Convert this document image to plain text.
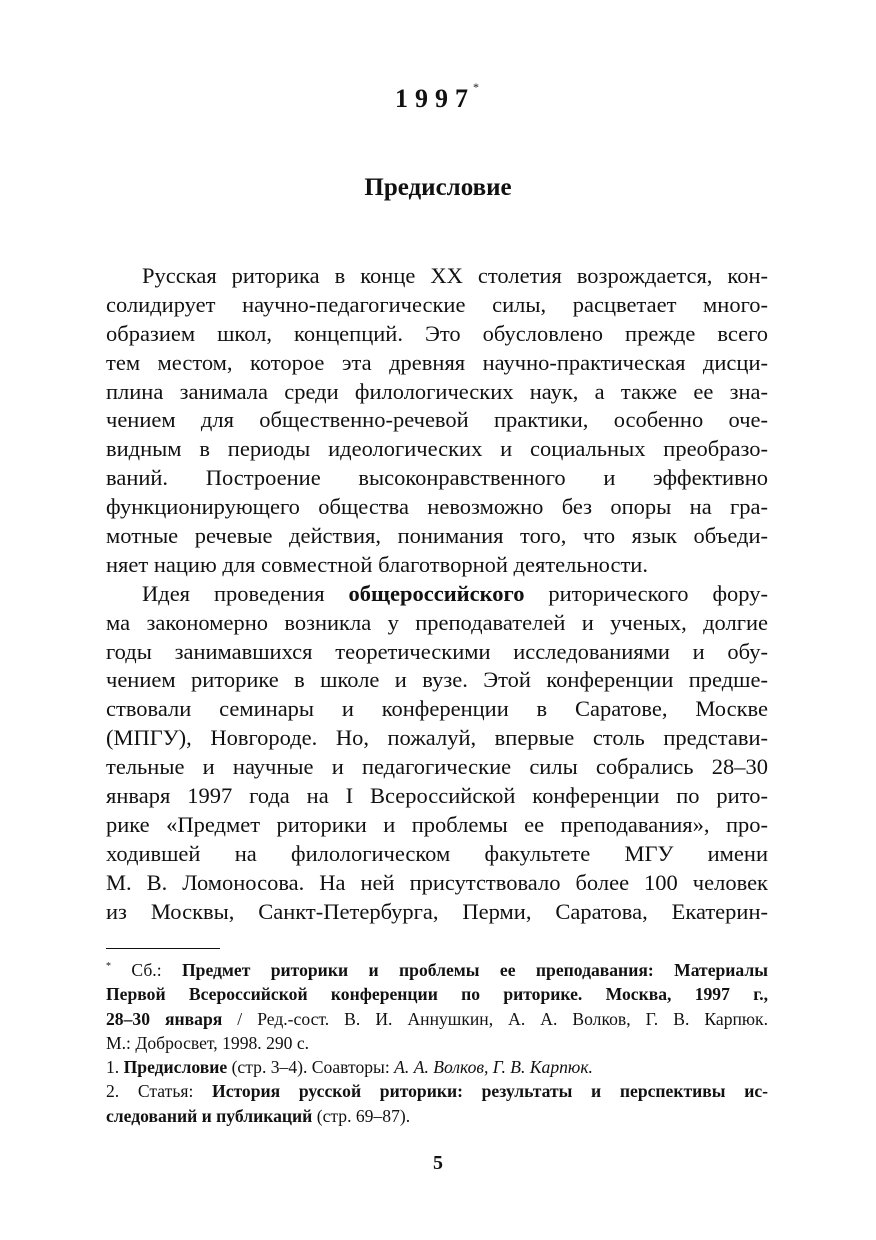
1997*
Предисловие
Русская риторика в конце XX столетия возрождается, кон-
солидирует научно-педагогические силы, расцветает много-
образием школ, концепций. Это обусловлено прежде всего
тем местом, которое эта древняя научно-практическая дисци-
плина занимала среди филологических наук, а также ее зна-
чением для общественно-речевой практики, особенно оче-
видным в периоды идеологических и социальных преобразо-
ваний. Построение высоконравственного и эффективно
функционирующего общества невозможно без опоры на гра-
мотные речевые действия, понимания того, что язык объеди-
няет нацию для совместной благотворной деятельности.
Идея проведения общероссийского риторического фору-
ма закономерно возникла у преподавателей и ученых, долгие
годы занимавшихся теоретическими исследованиями и обу-
чением риторике в школе и вузе. Этой конференции предше-
ствовали семинары и конференции в Саратове, Москве
(МПГУ), Новгороде. Но, пожалуй, впервые столь представи-
тельные и научные и педагогические силы собрались 28–30
января 1997 года на I Всероссийской конференции по рито-
рике «Предмет риторики и проблемы ее преподавания», про-
ходившей на филологическом факультете МГУ имени
М. В. Ломоносова. На ней присутствовало более 100 человек
из Москвы, Санкт-Петербурга, Перми, Саратова, Екатерин-
* Сб.: Предмет риторики и проблемы ее преподавания: Материалы
Первой Всероссийской конференции по риторике. Москва, 1997 г.,
28–30 января / Ред.-сост. В. И. Аннушкин, А. А. Волков, Г. В. Карпюк.
М.: Добросвет, 1998. 290 с.
1. Предисловие (стр. 3–4). Соавторы: А. А. Волков, Г. В. Карпюк.
2. Статья: История русской риторики: результаты и перспективы ис-
следований и публикаций (стр. 69–87).
5
